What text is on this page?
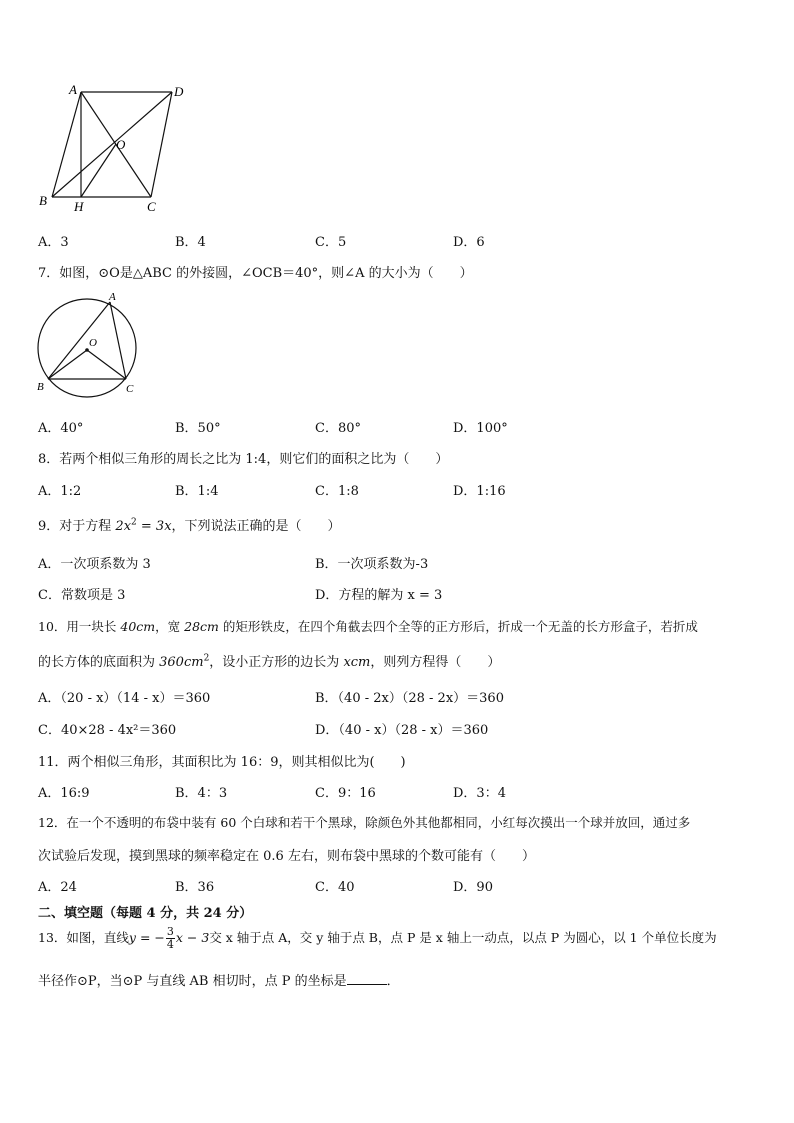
A	D
O
B H	C
A．3	B．4	C．5	D．6
7．如图，⊙O是△ABC 的外接圆，∠OCB＝40°，则∠A 的大小为（　　）
A
O
B	C
A．40°	B．50°	C．80°	D．100°
8．若两个相似三角形的周长之比为 1:4，则它们的面积之比为（　　）
A．1:2	B．1:4	C．1:8	D．1:16
9．对于方程 $2x^2 = 3x$，下列说法正确的是（　　）
A．一次项系数为 3	B．一次项系数为-3
C．常数项是 3	D．方程的解为 x = 3
10．用一块长 40cm，宽 28cm 的矩形铁皮，在四个角截去四个全等的正方形后，折成一个无盖的长方形盒子，若折成
的长方体的底面积为 $360cm^2$，设小正方形的边长为 xcm，则列方程得（　　）
A．（20 - x）（14 - x）＝360	B．（40 - 2x）（28 - 2x）＝360
C．40×28 - 4x²＝360	D．（40 - x）（28 - x）＝360
11．两个相似三角形，其面积比为 16：9，则其相似比为(　　)
A．16:9	B．4：3	C．9：16	D．3：4
12．在一个不透明的布袋中装有 60 个白球和若干个黑球，除颜色外其他都相同，小红每次摸出一个球并放回，通过多
次试验后发现，摸到黑球的频率稳定在 0.6 左右，则布袋中黑球的个数可能有（　　）
A．24	B．36	C．40	D．90
二、填空题（每题 4 分，共 24 分）
13．如图，直线y = − $\frac{3}{4}$ x − 3交 x 轴于点 A，交 y 轴于点 B，点 P 是 x 轴上一动点，以点 P 为圆心，以 1 个单位长度为
半径作⊙P，当⊙P 与直线 AB 相切时，点 P 的坐标是	．
